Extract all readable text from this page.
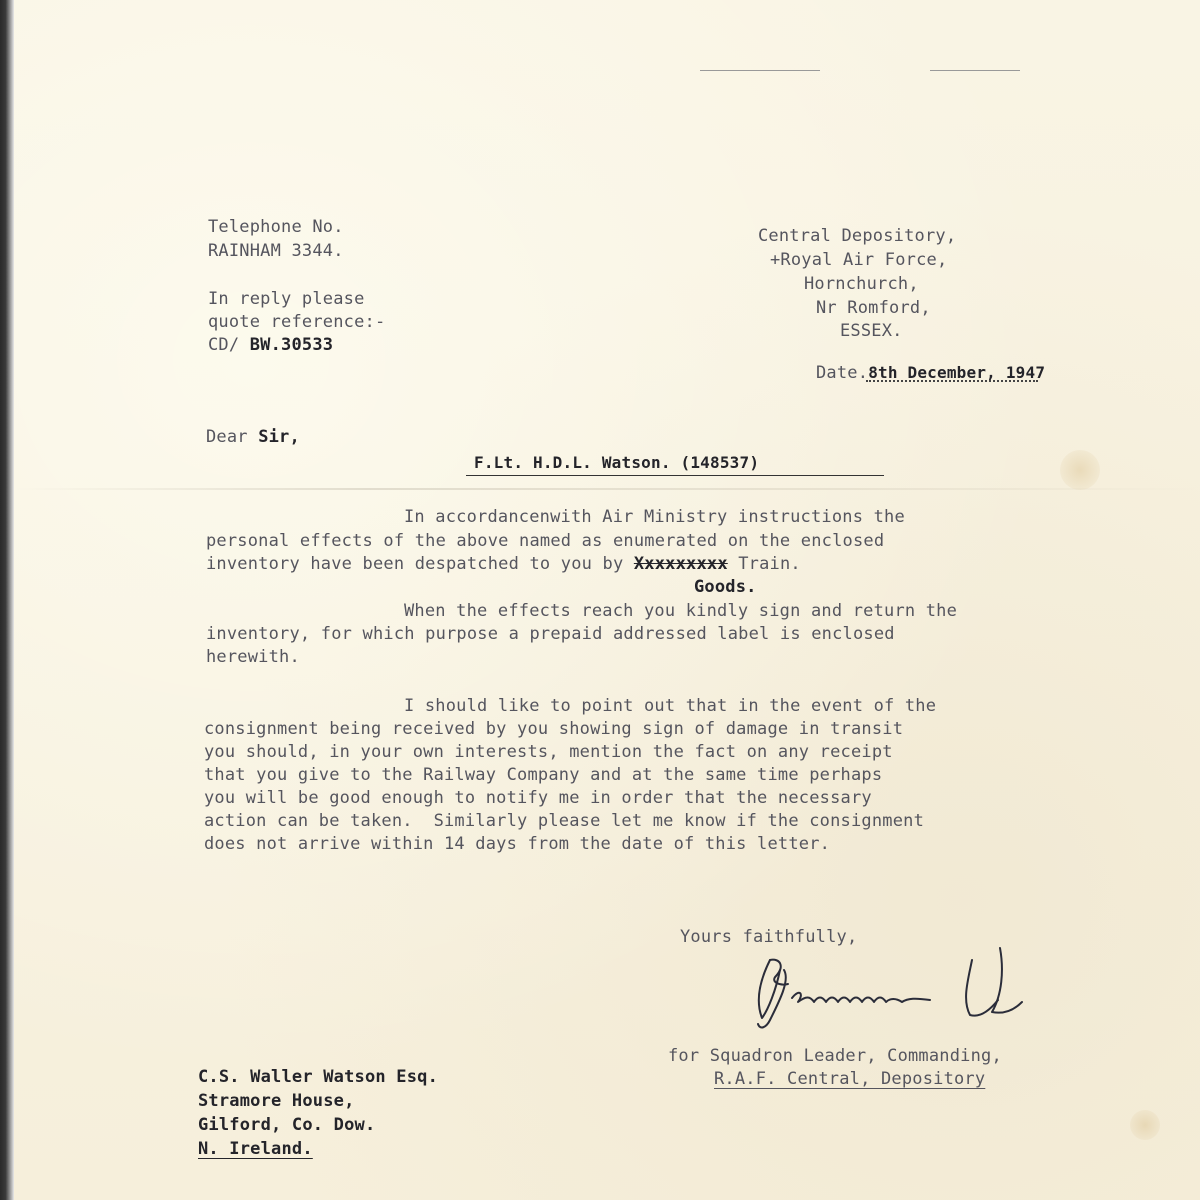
Telephone No.
RAINHAM 3344.
In reply please
quote reference:-
CD/ BW.30533
Central Depository,
+Royal Air Force,
Hornchurch,
Nr Romford,
ESSEX.
Date.8th December, 1947
Dear Sir,
F.Lt. H.D.L. Watson. (148537)
In accordancenwith Air Ministry instructions the
personal effects of the above named as enumerated on the enclosed
inventory have been despatched to you by Xxxxxxxxx Train.
Goods.
When the effects reach you kindly sign and return the
inventory, for which purpose a prepaid addressed label is enclosed
herewith.
I should like to point out that in the event of the
consignment being received by you showing sign of damage in transit
you should, in your own interests, mention the fact on any receipt
that you give to the Railway Company and at the same time perhaps
you will be good enough to notify me in order that the necessary
action can be taken.  Similarly please let me know if the consignment
does not arrive within 14 days from the date of this letter.
Yours faithfully,
for Squadron Leader, Commanding,
R.A.F. Central, Depository
C.S. Waller Watson Esq.
Stramore House,
Gilford, Co. Dow.
N. Ireland.
